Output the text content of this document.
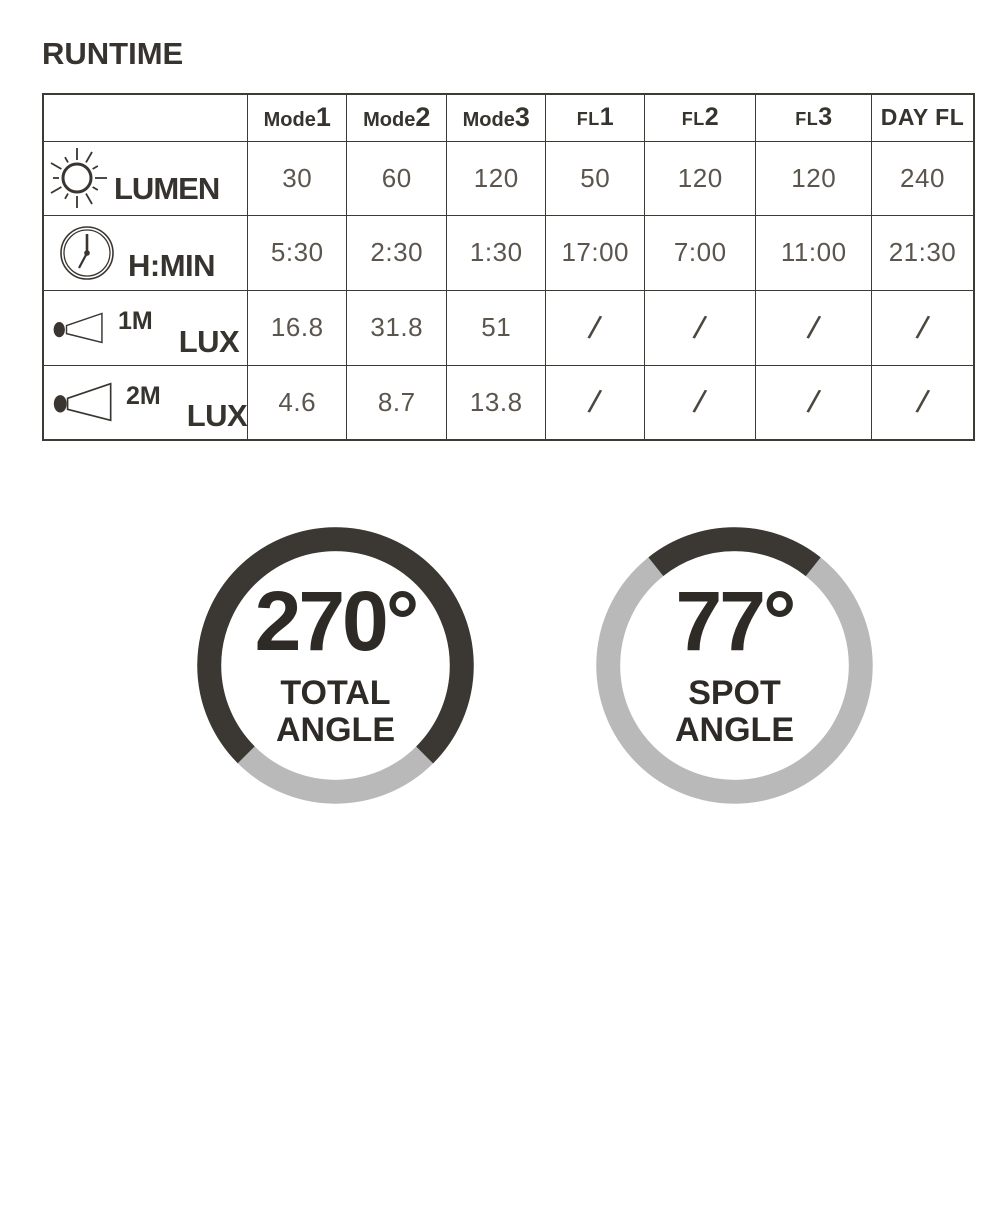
RUNTIME
	Mode1	Mode2	Mode3	FL1	FL2	FL3	DAY FL

LUMEN	30	60	120	50	120	120	240

H:MIN	5:30	2:30	1:30	17:00	7:00	11:00	21:30

1M
LUX	16.8	31.8	51	/	/	/	/

2M
LUX	4.6	8.7	13.8	/	/	/	/
270°
TOTAL
ANGLE
77°
SPOT
ANGLE
